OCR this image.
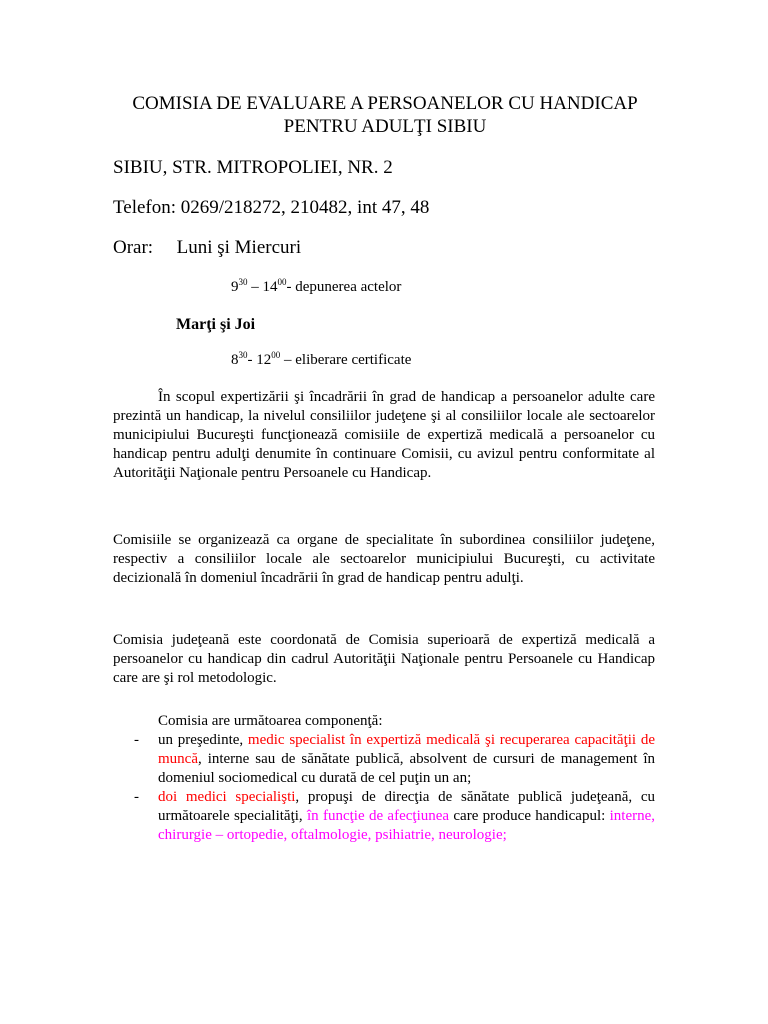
COMISIA DE EVALUARE A PERSOANELOR CU HANDICAP
PENTRU ADULŢI SIBIU
SIBIU, STR. MITROPOLIEI, NR. 2
Telefon: 0269/218272, 210482, int 47, 48
Orar: Luni şi Miercuri
$9^{30} - 14^{00}-$ depunerea actelor
Marţi şi Joi
$8^{30}-$ $12^{00}$ – eliberare certificate
În scopul expertizării şi încadrării în grad de handicap a persoanelor adulte care prezintă un handicap, la nivelul consiliilor judeţene şi al consiliilor locale ale sectoarelor municipiului Bucureşti funcţionează comisiile de expertiză medicală a persoanelor cu handicap pentru adulţi denumite în continuare Comisii, cu avizul pentru conformitate al Autorităţii Naţionale pentru Persoanele cu Handicap.
Comisiile se organizează ca organe de specialitate în subordinea consiliilor judeţene, respectiv a consiliilor locale ale sectoarelor municipiului Bucureşti, cu activitate decizională în domeniul încadrării în grad de handicap pentru adulţi.
Comisia judeţeană este coordonată de Comisia superioară de expertiză medicală a persoanelor cu handicap din cadrul Autorităţii Naţionale pentru Persoanele cu Handicap care are şi rol metodologic.
Comisia are următoarea componenţă:
- un preşedinte, medic specialist în expertiză medicală şi recuperarea capacităţii de muncă, interne sau de sănătate publică, absolvent de cursuri de management în domeniul sociomedical cu durată de cel puţin un an;
- doi medici specialişti, propuşi de direcţia de sănătate publică judeţeană, cu următoarele specialităţi, în funcţie de afecţiunea care produce handicapul: interne, chirurgie – ortopedie, oftalmologie, psihiatrie, neurologie;
